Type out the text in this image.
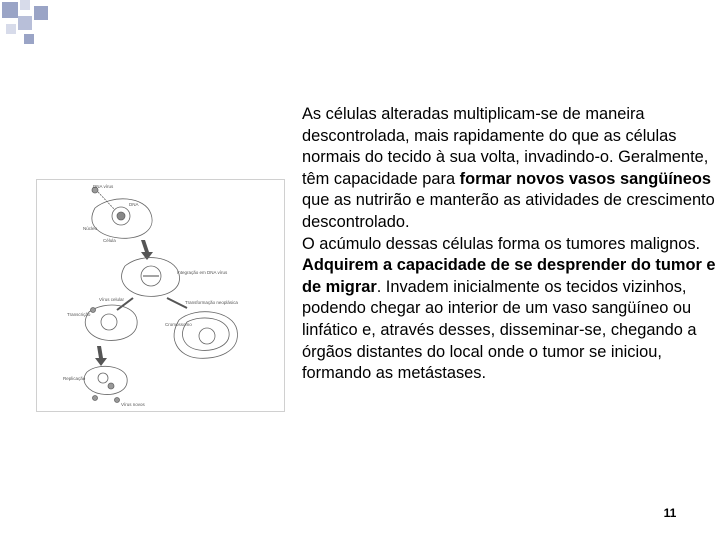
DNA vírus
DNA
Núcleo
Célula
Integração em DNA vírus
Vírus celular
Transcrição
Transformação neoplásica
Cromossomo
Replicação
Vírus novos

As células alteradas multiplicam-se de maneira descontrolada, mais rapidamente do que as células normais do tecido à sua volta, invadindo-o. Geralmente, têm capacidade para formar novos vasos sangüíneos que as nutrirão e manterão as atividades de crescimento descontrolado.

O acúmulo dessas células forma os tumores malignos.

Adquirem a capacidade de se desprender do tumor e de migrar. Invadem inicialmente os tecidos vizinhos, podendo chegar ao interior de um vaso sangüíneo ou linfático e, através desses, disseminar-se, chegando a órgãos distantes do local onde o tumor se iniciou, formando as metástases.

11
